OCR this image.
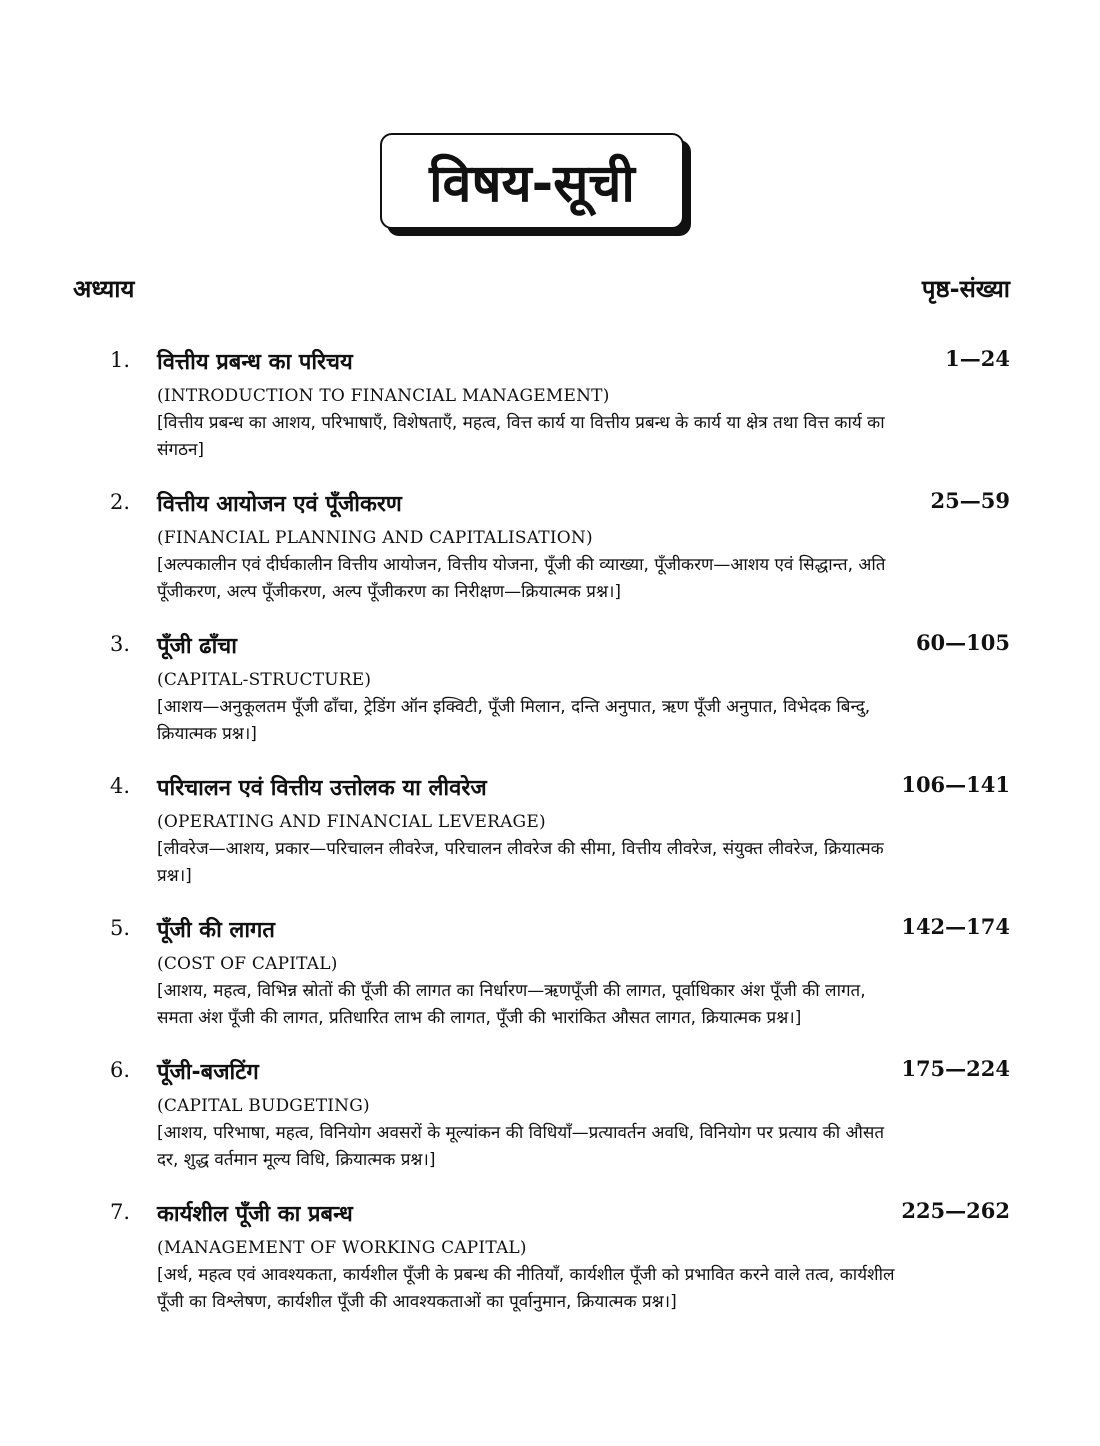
विषय-सूची
अध्याय	पृष्ठ-संख्या
1. वित्तीय प्रबन्ध का परिचय	1—24
(INTRODUCTION TO FINANCIAL MANAGEMENT)
[वित्तीय प्रबन्ध का आशय, परिभाषाएँ, विशेषताएँ, महत्व, वित्त कार्य या वित्तीय प्रबन्ध के कार्य या क्षेत्र तथा वित्त कार्य का संगठन]
2. वित्तीय आयोजन एवं पूँजीकरण	25—59
(FINANCIAL PLANNING AND CAPITALISATION)
[अल्पकालीन एवं दीर्घकालीन वित्तीय आयोजन, वित्तीय योजना, पूँजी की व्याख्या, पूँजीकरण—आशय एवं सिद्धान्त, अति पूँजीकरण, अल्प पूँजीकरण, अल्प पूँजीकरण का निरीक्षण—क्रियात्मक प्रश्न।]
3. पूँजी ढाँचा	60—105
(CAPITAL-STRUCTURE)
[आशय—अनुकूलतम पूँजी ढाँचा, ट्रेडिंग ऑन इक्विटी, पूँजी मिलान, दन्ति अनुपात, ऋण पूँजी अनुपात, विभेदक बिन्दु, क्रियात्मक प्रश्न।]
4. परिचालन एवं वित्तीय उत्तोलक या लीवरेज	106—141
(OPERATING AND FINANCIAL LEVERAGE)
[लीवरेज—आशय, प्रकार—परिचालन लीवरेज, परिचालन लीवरेज की सीमा, वित्तीय लीवरेज, संयुक्त लीवरेज, क्रियात्मक प्रश्न।]
5. पूँजी की लागत	142—174
(COST OF CAPITAL)
[आशय, महत्व, विभिन्न स्रोतों की पूँजी की लागत का निर्धारण—ऋणपूँजी की लागत, पूर्वाधिकार अंश पूँजी की लागत, समता अंश पूँजी की लागत, प्रतिधारित लाभ की लागत, पूँजी की भारांकित औसत लागत, क्रियात्मक प्रश्न।]
6. पूँजी-बजटिंग	175—224
(CAPITAL BUDGETING)
[आशय, परिभाषा, महत्व, विनियोग अवसरों के मूल्यांकन की विधियाँ—प्रत्यावर्तन अवधि, विनियोग पर प्रत्याय की औसत दर, शुद्ध वर्तमान मूल्य विधि, क्रियात्मक प्रश्न।]
7. कार्यशील पूँजी का प्रबन्ध	225—262
(MANAGEMENT OF WORKING CAPITAL)
[अर्थ, महत्व एवं आवश्यकता, कार्यशील पूँजी के प्रबन्ध की नीतियाँ, कार्यशील पूँजी को प्रभावित करने वाले तत्व, कार्यशील पूँजी का विश्लेषण, कार्यशील पूँजी की आवश्यकताओं का पूर्वानुमान, क्रियात्मक प्रश्न।]
